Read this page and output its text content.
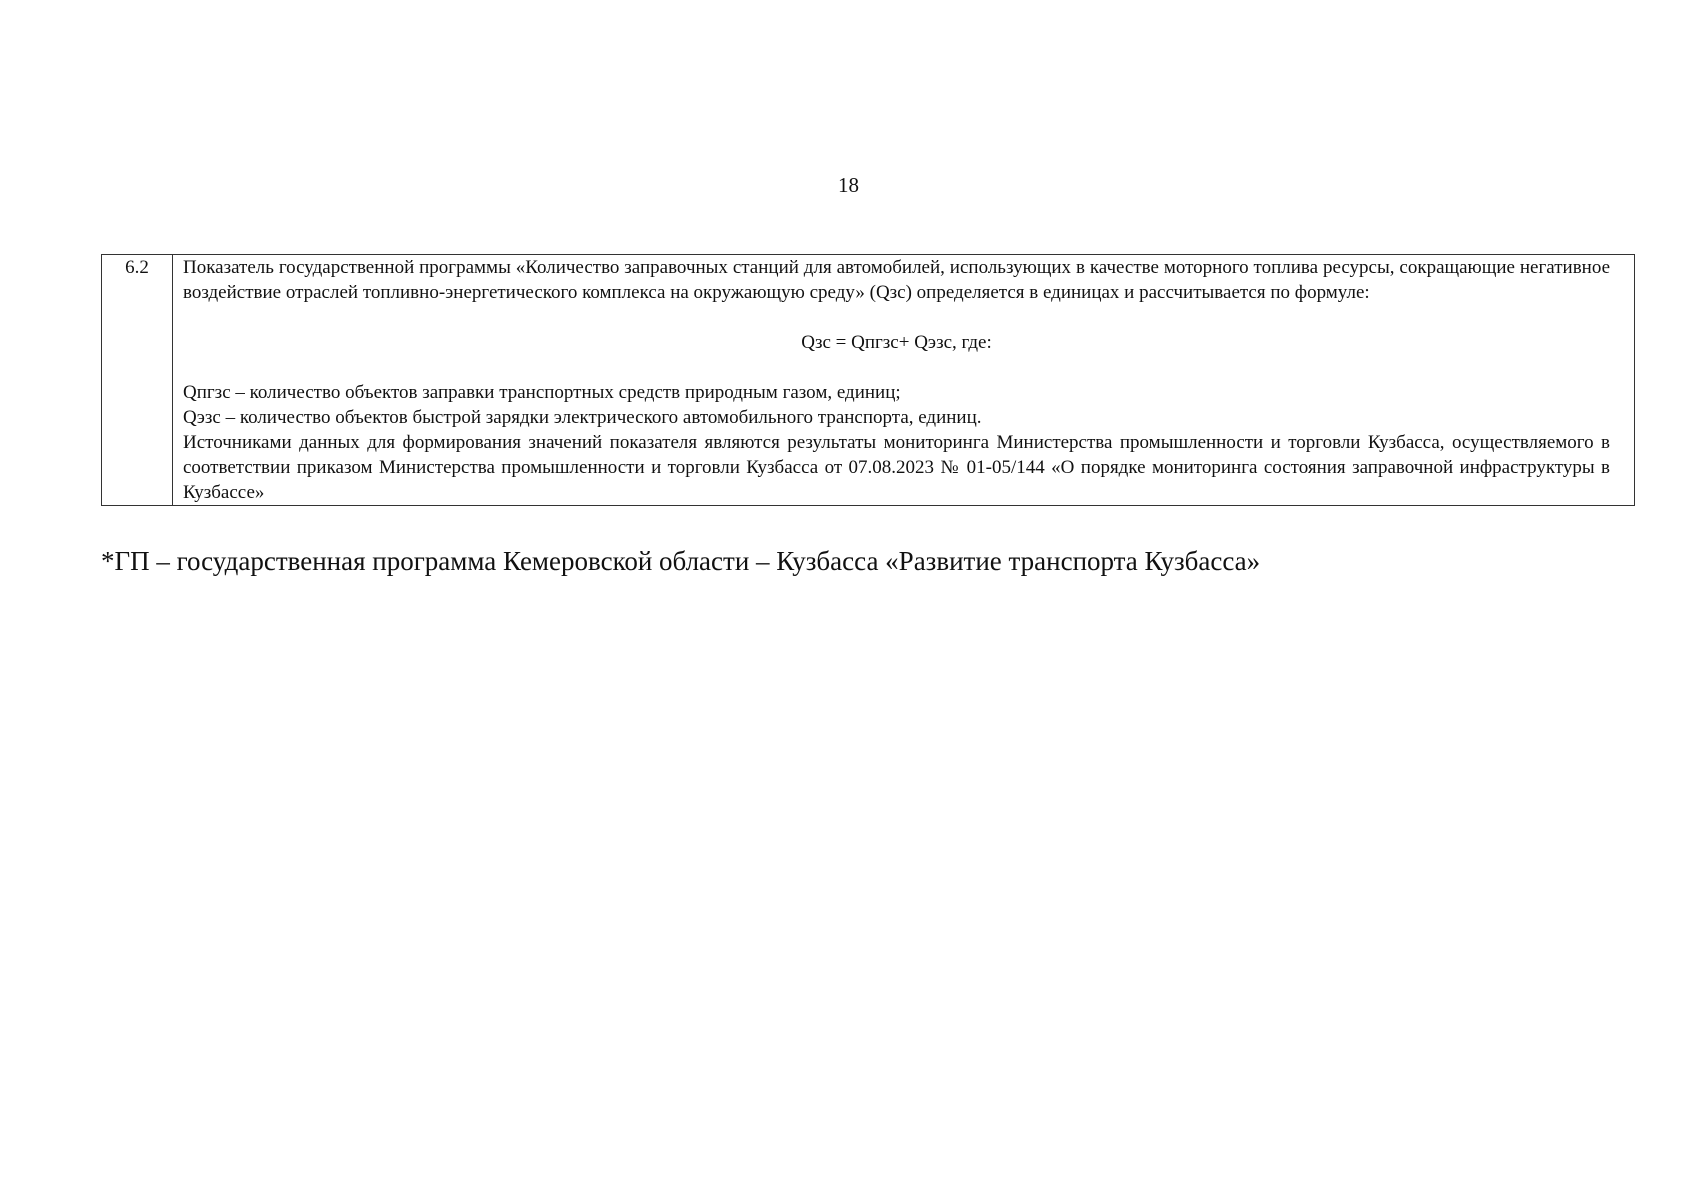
18
6.2	Показатель государственной программы «Количество заправочных станций для автомобилей, использующих в качестве моторного топлива ресурсы, сокращающие негативное воздействие отраслей топливно-энергетического комплекса на окружающую среду» (Qзс) определяется в единицах и рассчитывается по формуле:

Qзс = Qпгзс+ Qэзс, где:

Qпгзс – количество объектов заправки транспортных средств природным газом, единиц;

Qэзс – количество объектов быстрой зарядки электрического автомобильного транспорта, единиц.

Источниками данных для формирования значений показателя являются результаты мониторинга Министерства промышленности и торговли Кузбасса, осуществляемого в соответствии приказом Министерства промышленности и торговли Кузбасса от 07.08.2023 № 01-05/144 «О порядке мониторинга состояния заправочной инфраструктуры в Кузбассе»

*ГП – государственная программа Кемеровской области – Кузбасса «Развитие транспорта Кузбасса»
